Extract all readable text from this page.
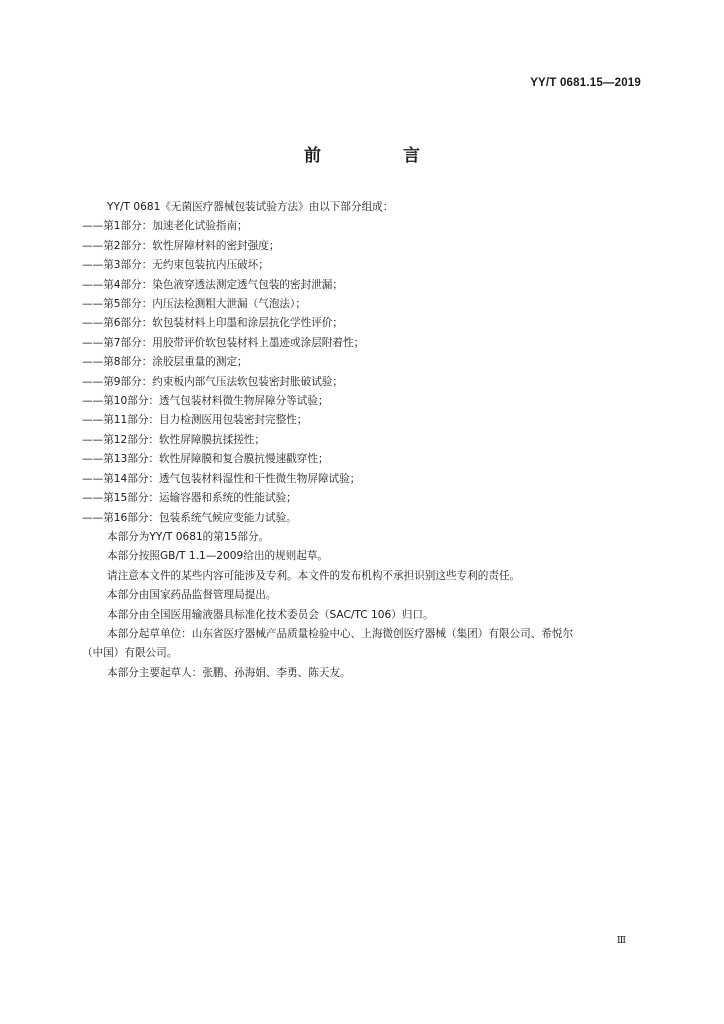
YY/T 0681.15—2019
前 言
YY/T 0681《无菌医疗器械包装试验方法》由以下部分组成：
——第1部分：加速老化试验指南；
——第2部分：软性屏障材料的密封强度；
——第3部分：无约束包装抗内压破坏；
——第4部分：染色液穿透法测定透气包装的密封泄漏；
——第5部分：内压法检测粗大泄漏（气泡法）；
——第6部分：软包装材料上印墨和涂层抗化学性评价；
——第7部分：用胶带评价软包装材料上墨迹或涂层附着性；
——第8部分：涂胶层重量的测定；
——第9部分：约束板内部气压法软包装密封胀破试验；
——第10部分：透气包装材料微生物屏障分等试验；
——第11部分：目力检测医用包装密封完整性；
——第12部分：软性屏障膜抗揉搓性；
——第13部分：软性屏障膜和复合膜抗慢速戳穿性；
——第14部分：透气包装材料湿性和干性微生物屏障试验；
——第15部分：运输容器和系统的性能试验；
——第16部分：包装系统气候应变能力试验。
本部分为YY/T 0681的第15部分。
本部分按照GB/T 1.1—2009给出的规则起草。
请注意本文件的某些内容可能涉及专利。本文件的发布机构不承担识别这些专利的责任。
本部分由国家药品监督管理局提出。
本部分由全国医用输液器具标准化技术委员会（SAC/TC 106）归口。
本部分起草单位：山东省医疗器械产品质量检验中心、上海微创医疗器械（集团）有限公司、希悦尔
（中国）有限公司。
本部分主要起草人：张鹏、孙海娟、李勇、陈天友。
Ⅲ
